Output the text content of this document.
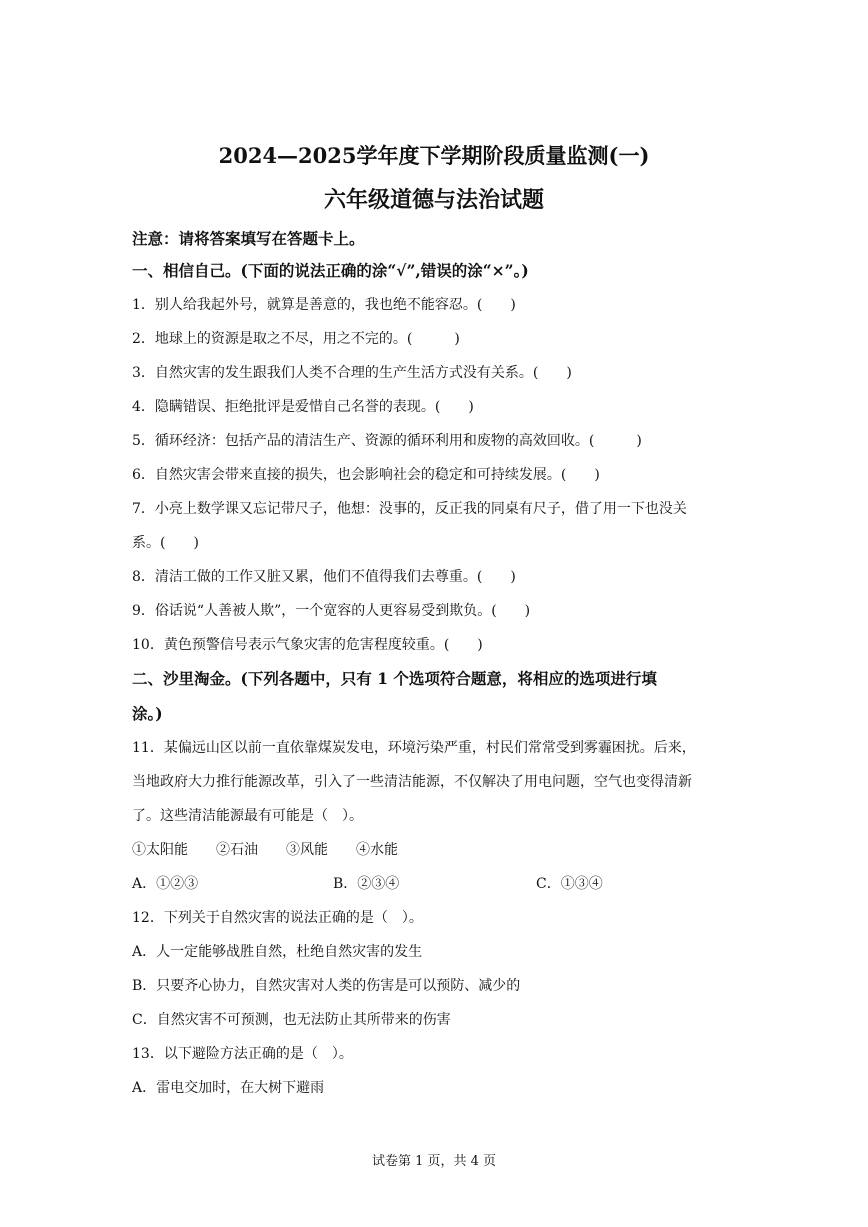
2024—2025学年度下学期阶段质量监测(一)
六年级道德与法治试题
注意：请将答案填写在答题卡上。
一、相信自己。(下面的说法正确的涂“√”,错误的涂“×”。)
1．别人给我起外号，就算是善意的，我也绝不能容忍。(　　)
2．地球上的资源是取之不尽，用之不完的。(　　　)
3．自然灾害的发生跟我们人类不合理的生产生活方式没有关系。(　　)
4．隐瞒错误、拒绝批评是爱惜自己名誉的表现。(　　)
5．循环经济：包括产品的清洁生产、资源的循环利用和废物的高效回收。(　　　)
6．自然灾害会带来直接的损失，也会影响社会的稳定和可持续发展。(　　)
7．小亮上数学课又忘记带尺子，他想：没事的，反正我的同桌有尺子，借了用一下也没关
系。(　　)
8．清洁工做的工作又脏又累，他们不值得我们去尊重。(　　)
9．俗话说“人善被人欺”，一个宽容的人更容易受到欺负。(　　)
10．黄色预警信号表示气象灾害的危害程度较重。(　　)
二、沙里淘金。(下列各题中，只有 1 个选项符合题意，将相应的选项进行填
涂。)
11．某偏远山区以前一直依靠煤炭发电，环境污染严重，村民们常常受到雾霾困扰。后来，
当地政府大力推行能源改革，引入了一些清洁能源，不仅解决了用电问题，空气也变得清新
了。这些清洁能源最有可能是（　）。
①太阳能　　②石油　　③风能　　④水能
A．①②③	B．②③④	C．①③④
12．下列关于自然灾害的说法正确的是（　）。
A．人一定能够战胜自然，杜绝自然灾害的发生
B．只要齐心协力，自然灾害对人类的伤害是可以预防、减少的
C．自然灾害不可预测，也无法防止其所带来的伤害
13．以下避险方法正确的是（　）。
A．雷电交加时，在大树下避雨
试卷第 1 页，共 4 页
